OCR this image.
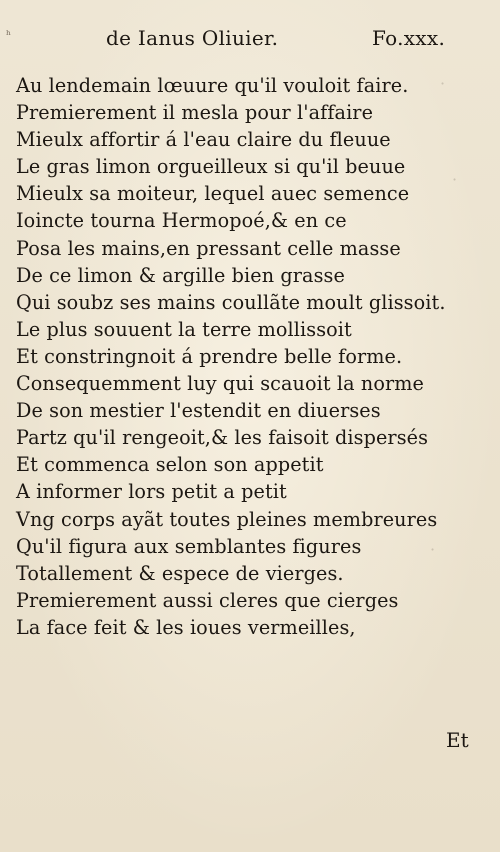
ʰ	de Ianus Oliuier.	Fo.xxx.
·
·
·
Au lendemain lœuure qu'il vouloit faire.
Premierement il mesla pour l'affaire
Mieulx affortir á l'eau claire du fleuue
Le gras limon orgueilleux si qu'il beuue
Mieulx sa moiteur, lequel auec semence
Ioincte tourna Hermopoé,& en ce
Posa les mains,en pressant celle masse
De ce limon & argille bien grasse
Qui soubz ses mains coullãte moult glissoit.
Le plus souuent la terre mollissoit
Et constringnoit á prendre belle forme.
Consequemment luy qui scauoit la norme
De son mestier l'estendit en diuerses
Partz qu'il rengeoit,& les faisoit dispersés
Et commenca selon son appetit
A informer lors petit a petit
Vng corps ayãt toutes pleines membreures
Qu'il figura aux semblantes figures
Totallement & espece de vierges.
Premierement aussi cleres que cierges
La face feit & les ioues vermeilles,
Et
